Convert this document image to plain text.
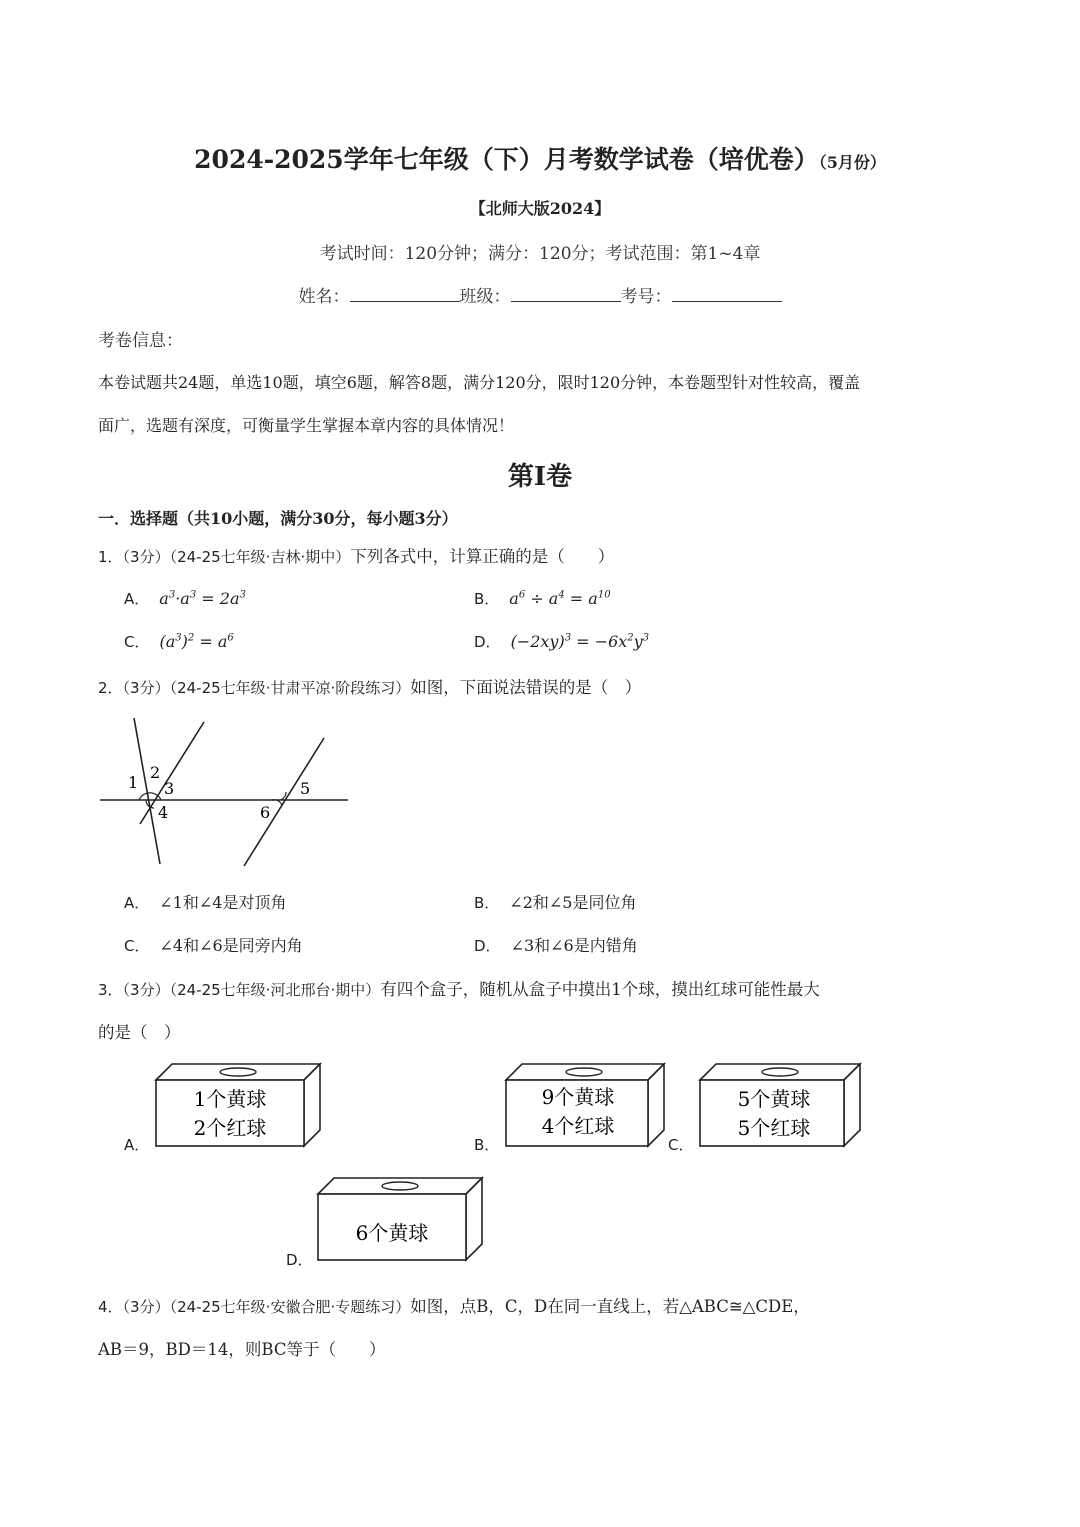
2024-2025学年七年级（下）月考数学试卷（培优卷）（5月份）
【北师大版2024】
考试时间：120分钟；满分：120分；考试范围：第1~4章
姓名：	班级：	考号：
考卷信息：
本卷试题共24题，单选10题，填空6题，解答8题，满分120分，限时120分钟，本卷题型针对性较高，覆盖
面广，选题有深度，可衡量学生掌握本章内容的具体情况！
第Ⅰ卷
一．选择题（共10小题，满分30分，每小题3分）
1．（3分）（24-25七年级·吉林·期中）下列各式中，计算正确的是（　　）
A． $a^3\cdot a^3 = 2a^3$	B． $a^6 \div a^4 = a^{10}$
C． $(a^3)^2 = a^6$	D． $(-2xy)^3 = -6x^2y^3$
2．（3分）（24-25七年级·甘肃平凉·阶段练习）如图，下面说法错误的是（　）
1
2
3
4
5
6
A． ∠1和∠4是对顶角	B． ∠2和∠5是同位角
C． ∠4和∠6是同旁内角	D． ∠3和∠6是内错角
3．（3分）（24-25七年级·河北邢台·期中）有四个盒子，随机从盒子中摸出1个球，摸出红球可能性最大
的是（　）
A．
1个黄球
2个红球
B．
9个黄球
4个红球
C．
5个黄球
5个红球
D．
6个黄球
4．（3分）（24-25七年级·安徽合肥·专题练习）如图，点B，C，D在同一直线上，若△ABC≅△CDE，
AB＝9，BD＝14，则BC等于（　　）
